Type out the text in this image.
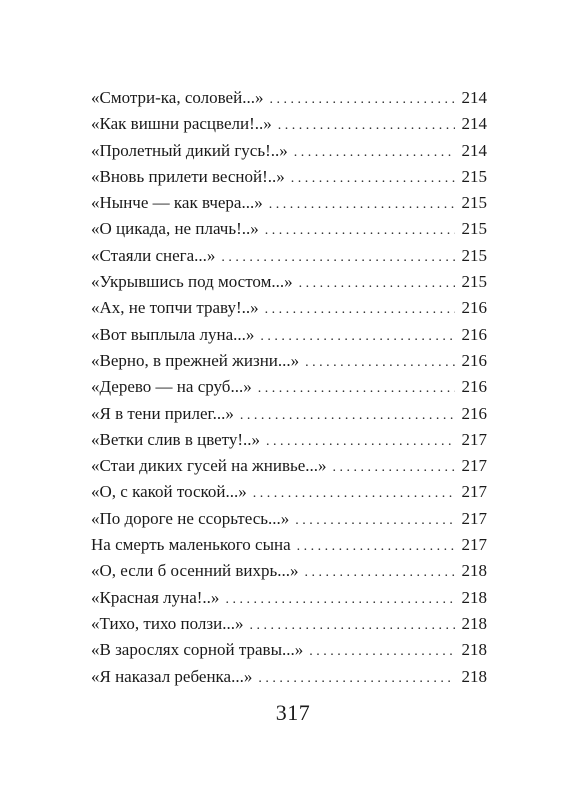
«Смотри-ка, соловей...» . . .	214
«Как вишни расцвели!..» . . .	214
«Пролетный дикий гусь!..» . . .	214
«Вновь прилети весной!..» . . .	215
«Нынче — как вчера...» . . .	215
«О цикада, не плачь!..» . . .	215
«Стаяли снега...» . . .	215
«Укрывшись под мостом...» . . .	215
«Ах, не топчи траву!..» . . .	216
«Вот выплыла луна...» . . .	216
«Верно, в прежней жизни...» . . .	216
«Дерево — на сруб...» . . .	216
«Я в тени прилег...» . . .	216
«Ветки слив в цвету!..» . . .	217
«Стаи диких гусей на жнивье...» . . .	217
«О, с какой тоской...» . . .	217
«По дороге не ссорьтесь...» . . .	217
На смерть маленького сына . . .	217
«О, если б осенний вихрь...» . . .	218
«Красная луна!..» . . .	218
«Тихо, тихо ползи...» . . .	218
«В зарослях сорной травы...» . . .	218
«Я наказал ребенка...» . . .	218
317
